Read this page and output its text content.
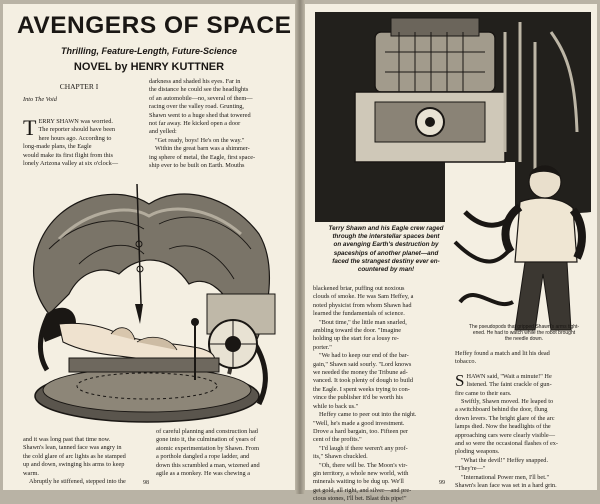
AVENGERS OF SPACE
Thrilling, Feature-Length, Future-Science
NOVEL by HENRY KUTTNER
CHAPTER I
Into The Void
T ERRY SHAWN was worried.
The reporter should have been
here hours ago. According to
long-made plans, the Eagle
would make its first flight from this
lonely Arizona valley at six o'clock—
darkness and shaded his eyes. Far in
the distance he could see the headlights
of an automobile—no, several of them—
racing over the valley road. Grunting,
Shawn went to a huge shed that towered
not far away. He kicked open a door
and yelled:
"Get ready, boys! He's on the way."
Within the great barn was a shimmer-
ing sphere of metal, the Eagle, first space-
ship ever to be built on Earth. Mouths
and it was long past that time now.
Shawn's lean, tanned face was angry in
the cold glare of arc lights as he stamped
up and down, swinging his arms to keep
warm.
Abruptly he stiffened, stepped into the
of careful planning and construction had
gone into it, the culmination of years of
atomic experimentation by Shawn. From
a porthole dangled a rope ladder, and
down this scrambled a man, wizened and
agile as a monkey. He was chewing a
98
Terry Shawn and his Eagle crew raged
through the interstellar spaces bent
on avenging Earth's destruction by
spaceships of another planet—and
faced the strangest destiny ever en-
countered by man!
blackened briar, puffing out noxious
clouds of smoke. He was Sam Heffey, a
noted physicist from whom Shawn had
learned the fundamentals of science.
"Bout time," the little man snarled,
ambling toward the door. "Imagine
holding up the start for a lousy re-
porter."
"We had to keep our end of the bar-
gain," Shawn said sourly. "Lord knows
we needed the money the Tribune ad-
vanced. It took plenty of dough to build
the Eagle. I spent weeks trying to con-
vince the publisher it'd be worth his
while to back us."
Heffey came to peer out into the night.
"Well, he's made a good investment.
Drove a hard bargain, too. Fifteen per
cent of the profits."
"I'd laugh if there weren't any prof-
its," Shawn chuckled.
"Oh, there will be. The Moon's vir-
gin territory, a whole new world, with
minerals waiting to be dug up. We'll
get gold, all right, and silver—and pre-
cious stones, I'll bet. Blast this pipe!"
The pseudopods that gripped Shawn's arms tight-
ened. He had to watch while the robot brought
the needle down.
Heffey found a match and lit his dead
tobacco.
S HAWN said, "Wait a minute!" He
listened. The faint crackle of gun-
fire came to their ears.
Swiftly, Shawn moved. He leaped to
a switchboard behind the door, flung
down levers. The bright glare of the arc
lamps died. Now the headlights of the
approaching cars were clearly visible—
and so were the occasional flashes of ex-
ploding weapons.
"What the devil!" Heffey snapped.
"They're—"
"International Power men, I'll bet."
Shawn's lean face was set in a hard grin.
99
